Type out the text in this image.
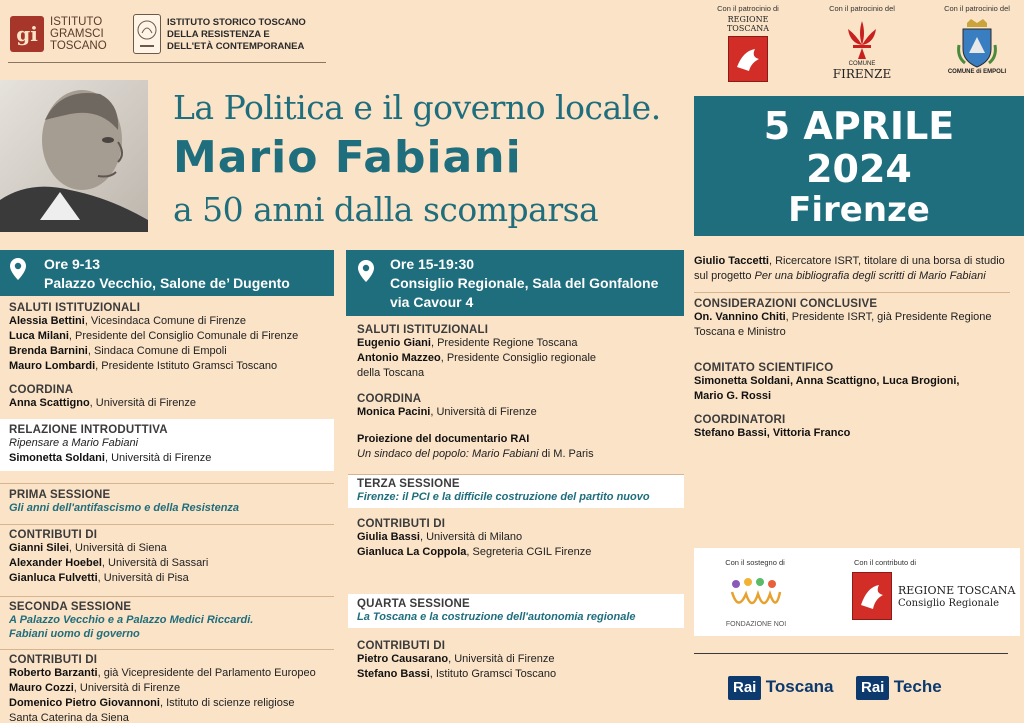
gi	ISTITUTO
GRAMSCI
TOSCANO
ISTITUTO STORICO TOSCANO
DELLA RESISTENZA E
DELL'ETÀ CONTEMPORANEA
Con il patrocinio di
REGIONE
TOSCANA
Con il patrocinio del
COMUNE
FIRENZE
Con il patrocinio del
COMUNE di EMPOLI
La Politica e il governo locale.
Mario Fabiani
a 50 anni dalla scomparsa
5 APRILE
2024
Firenze
Ore 9-13
Palazzo Vecchio, Salone de’ Dugento
SALUTI ISTITUZIONALI
Alessia Bettini, Vicesindaca Comune di Firenze
Luca Milani, Presidente del Consiglio Comunale di Firenze
Brenda Barnini, Sindaca Comune di Empoli
Mauro Lombardi, Presidente Istituto Gramsci Toscano
COORDINA
Anna Scattigno, Università di Firenze
RELAZIONE INTRODUTTIVA
Ripensare a Mario Fabiani
Simonetta Soldani, Università di Firenze
PRIMA SESSIONE
Gli anni dell'antifascismo e della Resistenza
CONTRIBUTI DI
Gianni Silei, Università di Siena
Alexander Hoebel, Università di Sassari
Gianluca Fulvetti, Università di Pisa
SECONDA SESSIONE
A Palazzo Vecchio e a Palazzo Medici Riccardi.
Fabiani uomo di governo
CONTRIBUTI DI
Roberto Barzanti, già Vicepresidente del Parlamento Europeo
Mauro Cozzi, Università di Firenze
Domenico Pietro Giovannoni, Istituto di scienze religiose
Santa Caterina da Siena
Ore 15-19:30
Consiglio Regionale, Sala del Gonfalone
via Cavour 4
SALUTI ISTITUZIONALI
Eugenio Giani, Presidente Regione Toscana
Antonio Mazzeo, Presidente Consiglio regionale
della Toscana
COORDINA
Monica Pacini, Università di Firenze
Proiezione del documentario RAI
Un sindaco del popolo: Mario Fabiani di M. Paris
TERZA SESSIONE
Firenze: il PCI e la difficile costruzione del partito nuovo
CONTRIBUTI DI
Giulia Bassi, Università di Milano
Gianluca La Coppola, Segreteria CGIL Firenze
QUARTA SESSIONE
La Toscana e la costruzione dell'autonomia regionale
CONTRIBUTI DI
Pietro Causarano, Università di Firenze
Stefano Bassi, Istituto Gramsci Toscano
Giulio Taccetti, Ricercatore ISRT, titolare di una borsa di studio
sul progetto Per una bibliografia degli scritti di Mario Fabiani
CONSIDERAZIONI CONCLUSIVE
On. Vannino Chiti, Presidente ISRT, già Presidente Regione
Toscana e Ministro
COMITATO SCIENTIFICO
Simonetta Soldani, Anna Scattigno, Luca Brogioni,
Mario G. Rossi
COORDINATORI
Stefano Bassi, Vittoria Franco
Con il sostegno di
FONDAZIONE NOI
Con il contributo di
REGIONE TOSCANA
Consiglio Regionale
Rai Toscana	Rai Teche
